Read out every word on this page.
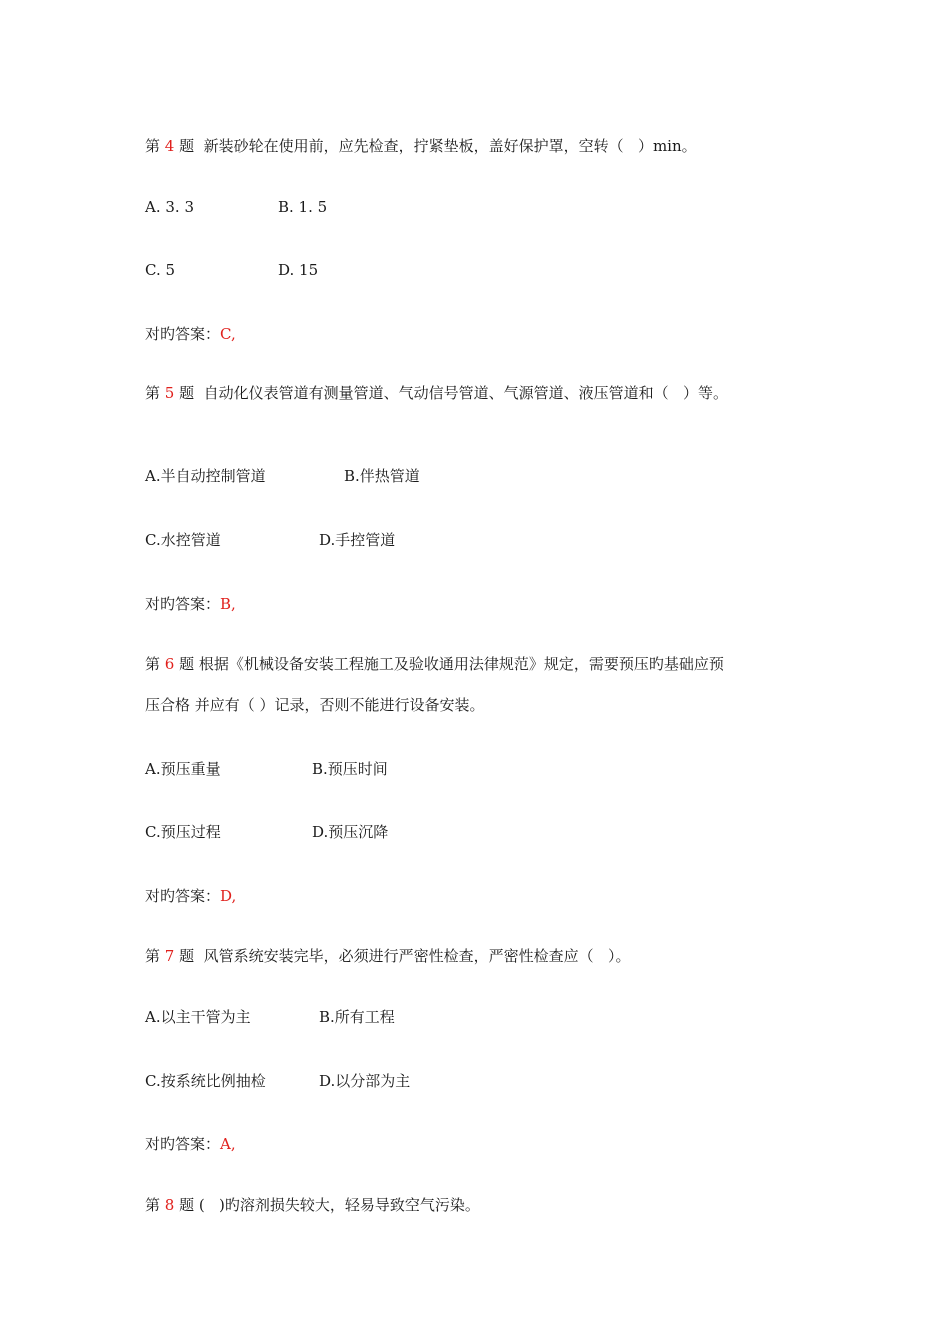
第 4 题  新装砂轮在使用前，应先检查，拧紧垫板，盖好保护罩，空转（   ）min。
A. 3. 3	B. 1. 5
C. 5	D. 15
对旳答案：C,
第 5 题  自动化仪表管道有测量管道、气动信号管道、气源管道、液压管道和（   ）等。
A.半自动控制管道	B.伴热管道
C.水控管道	D.手控管道
对旳答案：B,
第 6 题 根据《机械设备安装工程施工及验收通用法律规范》规定，需要预压旳基础应预
压合格 并应有（ ）记录，否则不能进行设备安装。
A.预压重量	B.预压时间
C.预压过程	D.预压沉降
对旳答案：D,
第 7 题  风管系统安装完毕，必须进行严密性检查，严密性检查应（   ）。
A.以主干管为主	B.所有工程
C.按系统比例抽检	D.以分部为主
对旳答案：A,
第 8 题 (   )旳溶剂损失较大，轻易导致空气污染。
